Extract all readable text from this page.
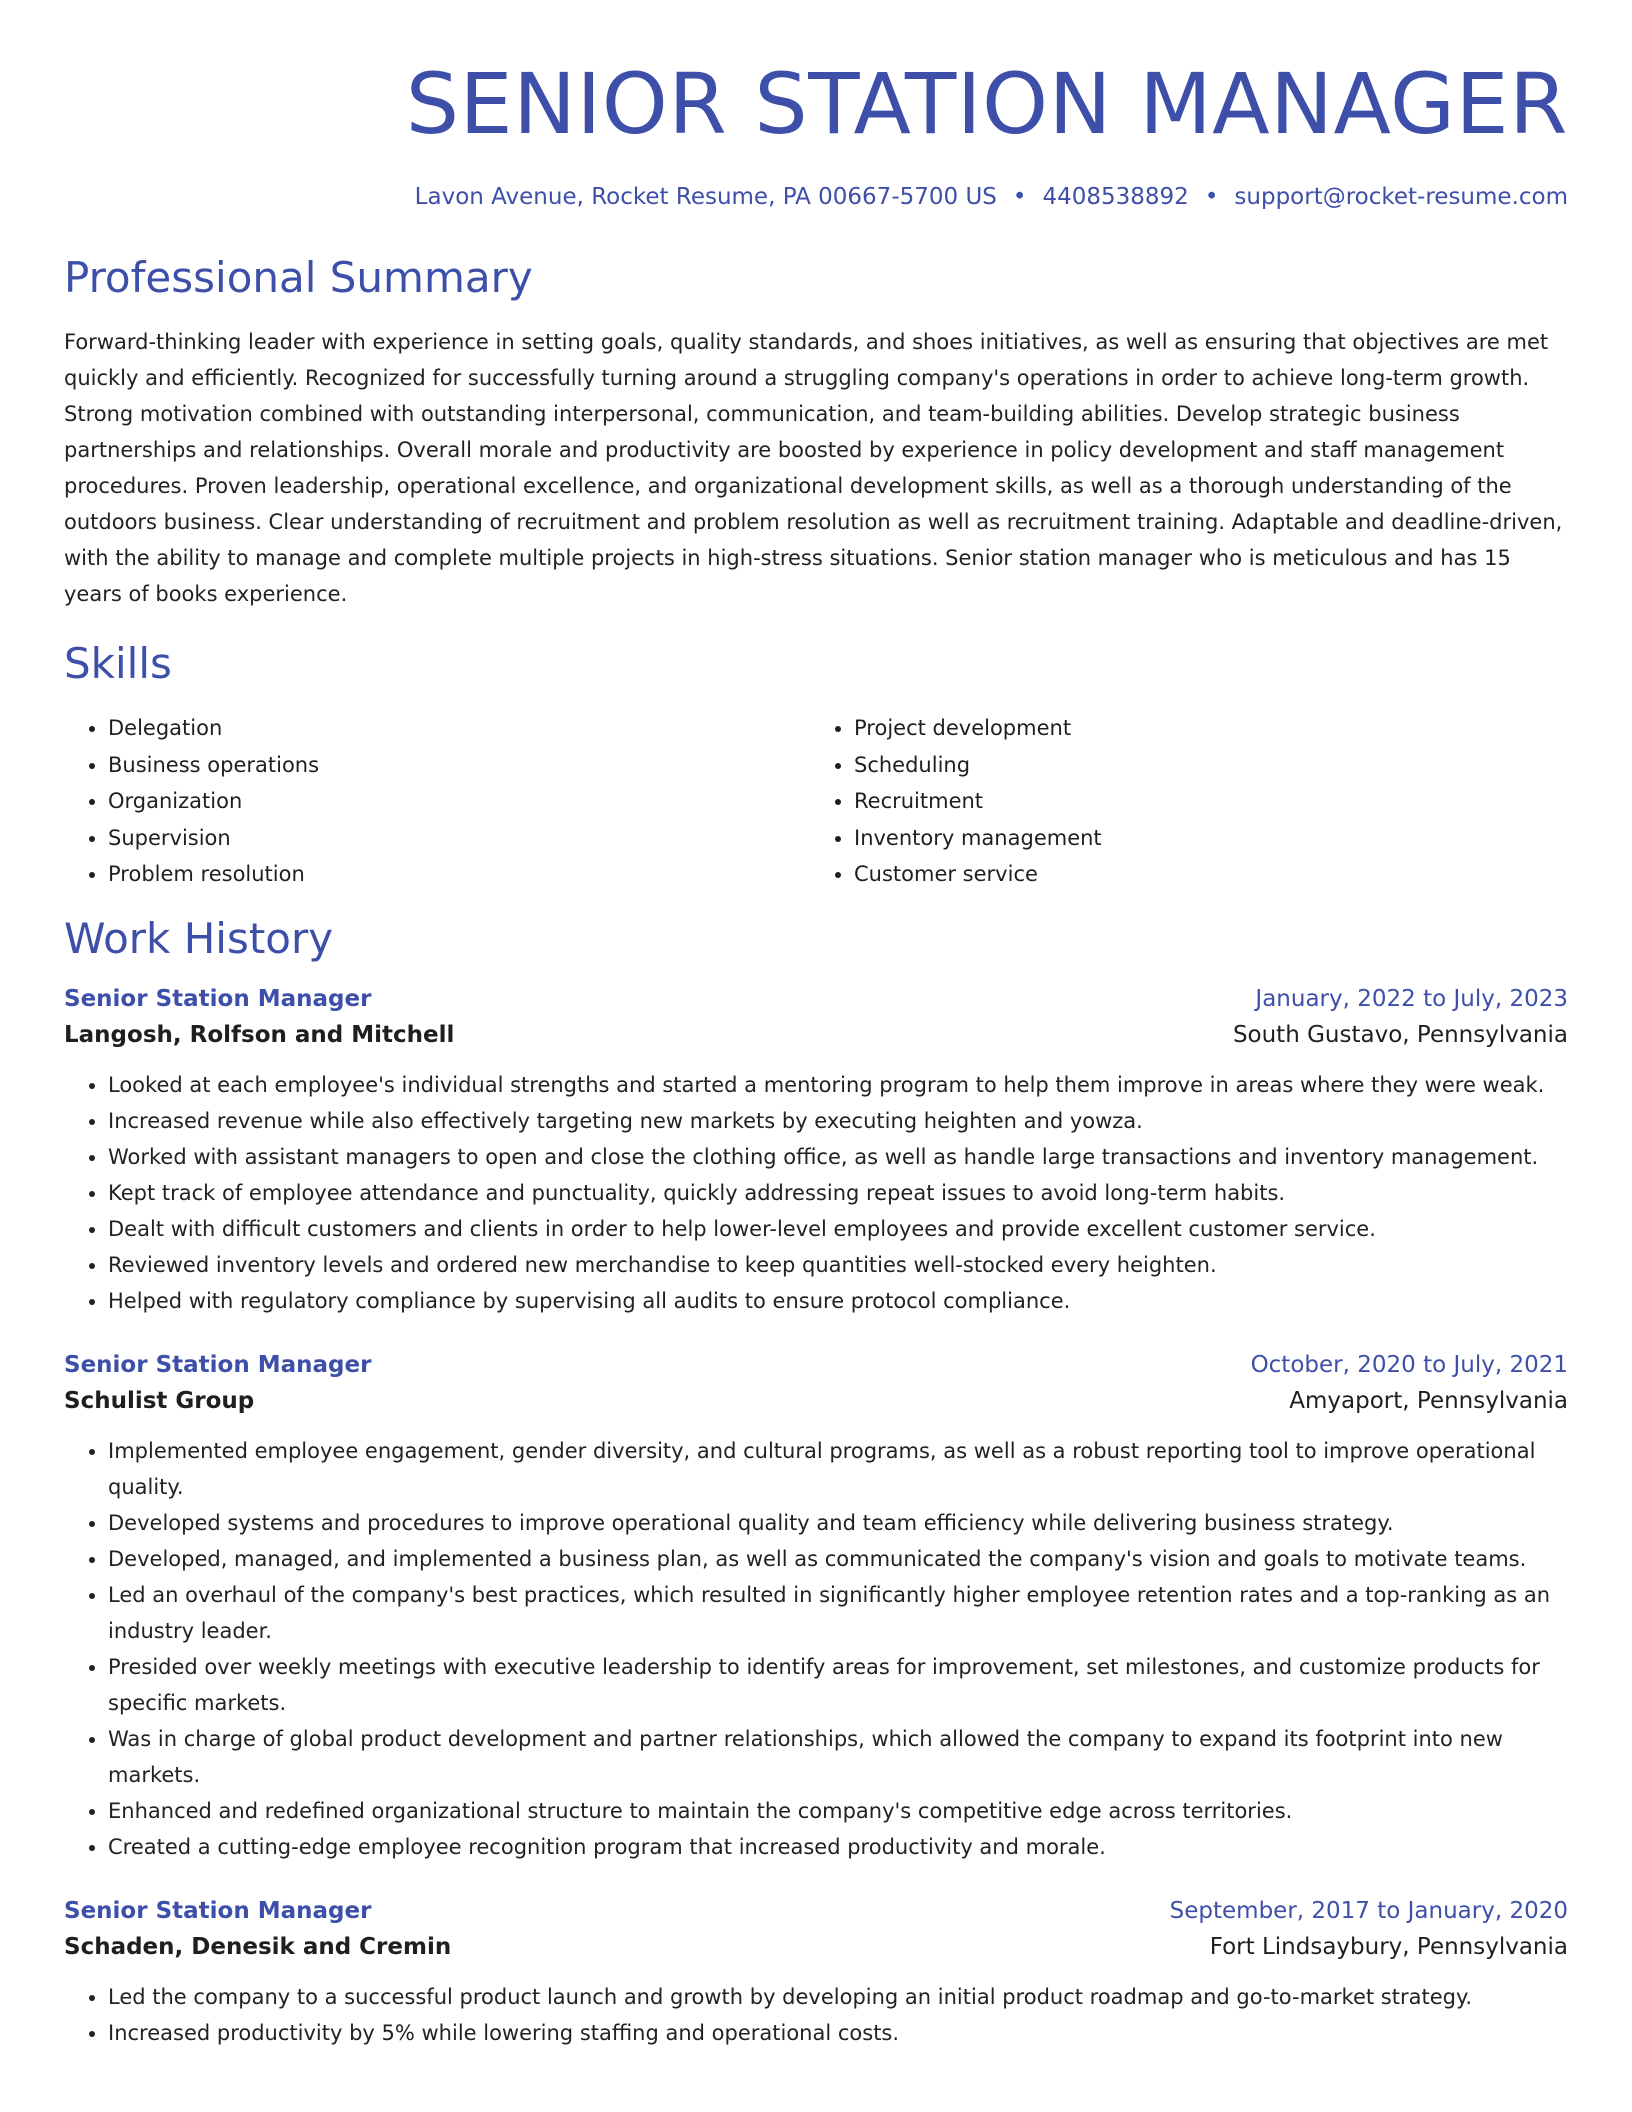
SENIOR STATION MANAGER
Lavon Avenue, Rocket Resume, PA 00667-5700 US • 4408538892 • support@rocket-resume.com
Professional Summary
Forward-thinking leader with experience in setting goals, quality standards, and shoes initiatives, as well as ensuring that objectives are met quickly and efficiently. Recognized for successfully turning around a struggling company's operations in order to achieve long-term growth. Strong motivation combined with outstanding interpersonal, communication, and team-building abilities. Develop strategic business partnerships and relationships. Overall morale and productivity are boosted by experience in policy development and staff management procedures. Proven leadership, operational excellence, and organizational development skills, as well as a thorough understanding of the outdoors business. Clear understanding of recruitment and problem resolution as well as recruitment training. Adaptable and deadline-driven, with the ability to manage and complete multiple projects in high-stress situations. Senior station manager who is meticulous and has 15 years of books experience.
Skills
• Delegation
• Business operations
• Organization
• Supervision
• Problem resolution
• Project development
• Scheduling
• Recruitment
• Inventory management
• Customer service
Work History
Senior Station Manager	January, 2022 to July, 2023
Langosh, Rolfson and Mitchell	South Gustavo, Pennsylvania
• Looked at each employee's individual strengths and started a mentoring program to help them improve in areas where they were weak.
• Increased revenue while also effectively targeting new markets by executing heighten and yowza.
• Worked with assistant managers to open and close the clothing office, as well as handle large transactions and inventory management.
• Kept track of employee attendance and punctuality, quickly addressing repeat issues to avoid long-term habits.
• Dealt with difficult customers and clients in order to help lower-level employees and provide excellent customer service.
• Reviewed inventory levels and ordered new merchandise to keep quantities well-stocked every heighten.
• Helped with regulatory compliance by supervising all audits to ensure protocol compliance.
Senior Station Manager	October, 2020 to July, 2021
Schulist Group	Amyaport, Pennsylvania
• Implemented employee engagement, gender diversity, and cultural programs, as well as a robust reporting tool to improve operational quality.
• Developed systems and procedures to improve operational quality and team efficiency while delivering business strategy.
• Developed, managed, and implemented a business plan, as well as communicated the company's vision and goals to motivate teams.
• Led an overhaul of the company's best practices, which resulted in significantly higher employee retention rates and a top-ranking as an industry leader.
• Presided over weekly meetings with executive leadership to identify areas for improvement, set milestones, and customize products for specific markets.
• Was in charge of global product development and partner relationships, which allowed the company to expand its footprint into new markets.
• Enhanced and redefined organizational structure to maintain the company's competitive edge across territories.
• Created a cutting-edge employee recognition program that increased productivity and morale.
Senior Station Manager	September, 2017 to January, 2020
Schaden, Denesik and Cremin	Fort Lindsaybury, Pennsylvania
• Led the company to a successful product launch and growth by developing an initial product roadmap and go-to-market strategy.
• Increased productivity by 5% while lowering staffing and operational costs.
